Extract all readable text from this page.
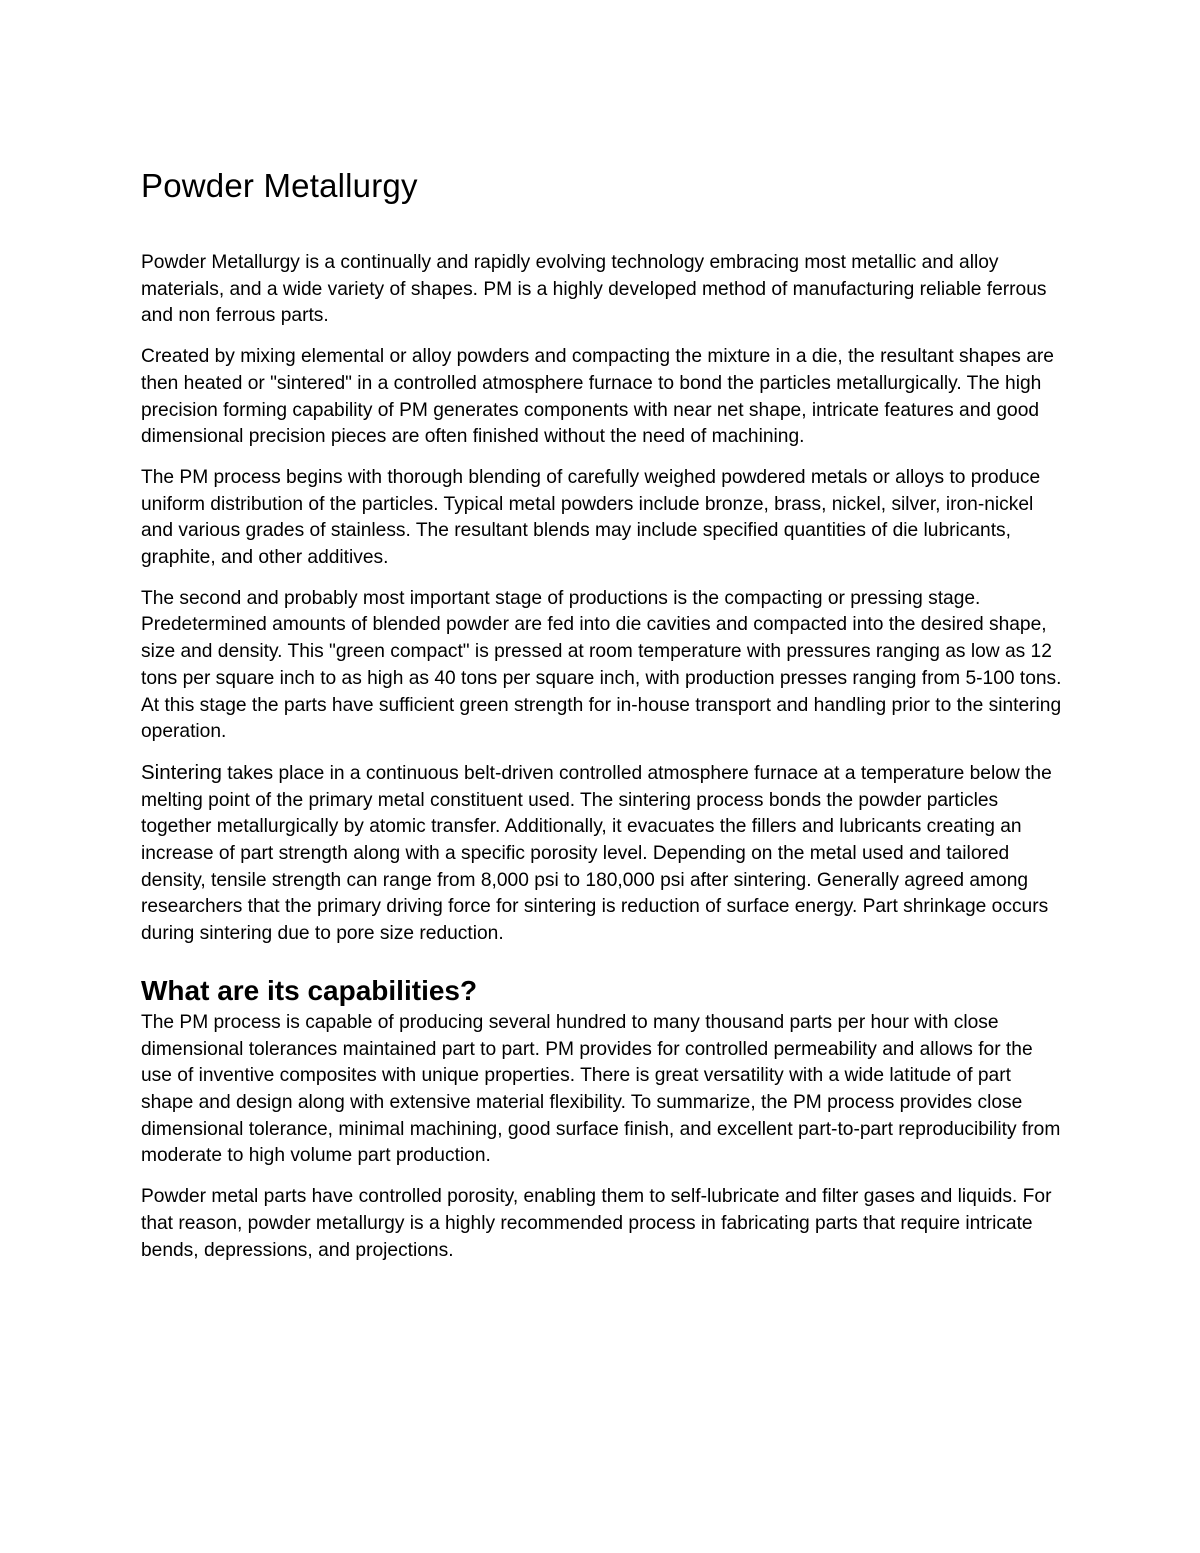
Powder Metallurgy

Powder Metallurgy is a continually and rapidly evolving technology embracing most metallic and alloy materials, and a wide variety of shapes. PM is a highly developed method of manufacturing reliable ferrous and non ferrous parts.

Created by mixing elemental or alloy powders and compacting the mixture in a die, the resultant shapes are then heated or "sintered" in a controlled atmosphere furnace to bond the particles metallurgically. The high precision forming capability of PM generates components with near net shape, intricate features and good dimensional precision pieces are often finished without the need of machining.

The PM process begins with thorough blending of carefully weighed powdered metals or alloys to produce uniform distribution of the particles. Typical metal powders include bronze, brass, nickel, silver, iron-nickel and various grades of stainless. The resultant blends may include specified quantities of die lubricants, graphite, and other additives.

The second and probably most important stage of productions is the compacting or pressing stage. Predetermined amounts of blended powder are fed into die cavities and compacted into the desired shape, size and density. This "green compact" is pressed at room temperature with pressures ranging as low as 12 tons per square inch to as high as 40 tons per square inch, with production presses ranging from 5-100 tons. At this stage the parts have sufficient green strength for in-house transport and handling prior to the sintering operation.

Sintering takes place in a continuous belt-driven controlled atmosphere furnace at a temperature below the melting point of the primary metal constituent used. The sintering process bonds the powder particles together metallurgically by atomic transfer. Additionally, it evacuates the fillers and lubricants creating an increase of part strength along with a specific porosity level. Depending on the metal used and tailored density, tensile strength can range from 8,000 psi to 180,000 psi after sintering. Generally agreed among researchers that the primary driving force for sintering is reduction of surface energy. Part shrinkage occurs during sintering due to pore size reduction.

What are its capabilities?

The PM process is capable of producing several hundred to many thousand parts per hour with close dimensional tolerances maintained part to part. PM provides for controlled permeability and allows for the use of inventive composites with unique properties. There is great versatility with a wide latitude of part shape and design along with extensive material flexibility. To summarize, the PM process provides close dimensional tolerance, minimal machining, good surface finish, and excellent part-to-part reproducibility from moderate to high volume part production.

Powder metal parts have controlled porosity, enabling them to self-lubricate and filter gases and liquids. For that reason, powder metallurgy is a highly recommended process in fabricating parts that require intricate bends, depressions, and projections.
